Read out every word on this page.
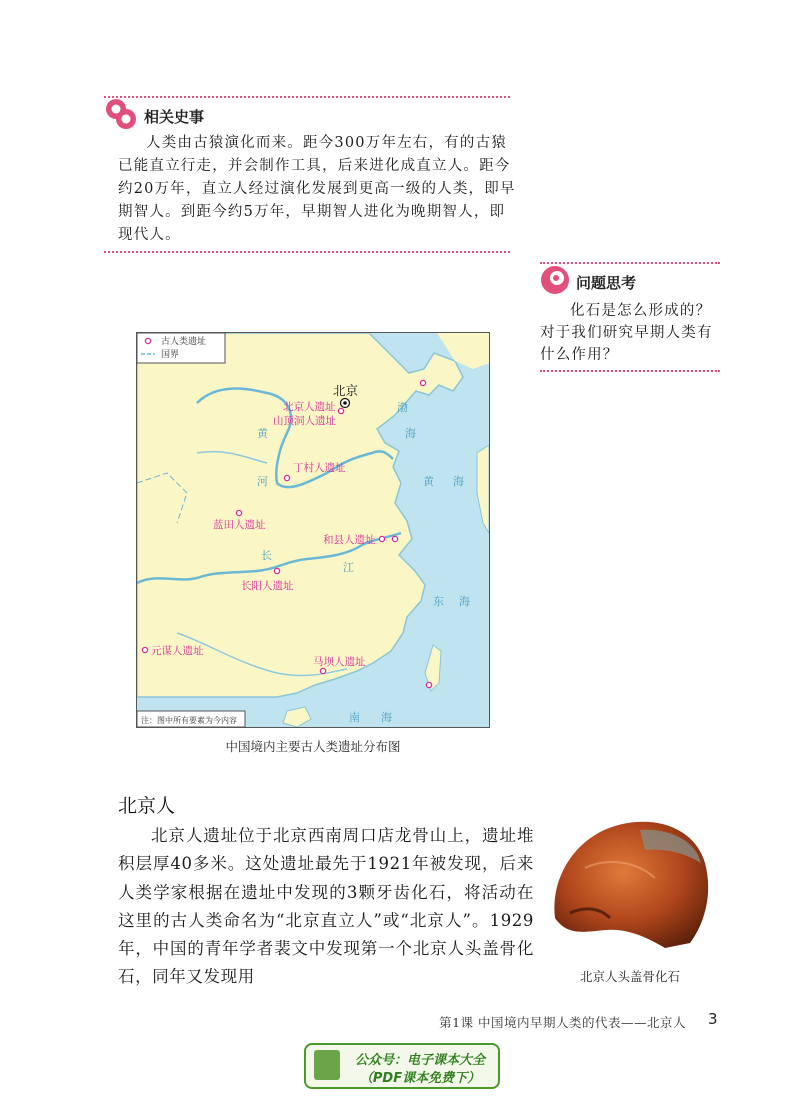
相关史事

人类由古猿演化而来。距今300万年左右，有的古猿

已能直立行走，并会制作工具，后来进化成直立人。距今

约20万年，直立人经过演化发展到更高一级的人类，即早

期智人。到距今约5万年，早期智人进化为晚期智人，即

现代人。

问题思考

化石是怎么形成的？

对于我们研究早期人类有

什么作用？

古人类遗址
国界
北京
北京人遗址
山顶洞人遗址
丁村人遗址
蓝田人遗址
和县人遗址
长阳人遗址
元谋人遗址
马坝人遗址
渤
海
黄 海
东 海
南 海
黄
河
长
江
注：图中所有要素为今内容
中国境内主要古人类遗址分布图
北京人

北京人遗址位于北京西南周口店龙骨山上，遗址堆积层厚40多米。这处遗址最先于1921年被发现，后来人类学家根据在遗址中发现的3颗牙齿化石，将活动在这里的古人类命名为“北京直立人”或“北京人”。1929年，中国的青年学者裴文中发现第一个北京人头盖骨化石，同年又发现用	北京人头盖骨化石
第1课 中国境内早期人类的代表——北京人 3
公众号：电子课本大全
（PDF课本免费下）
